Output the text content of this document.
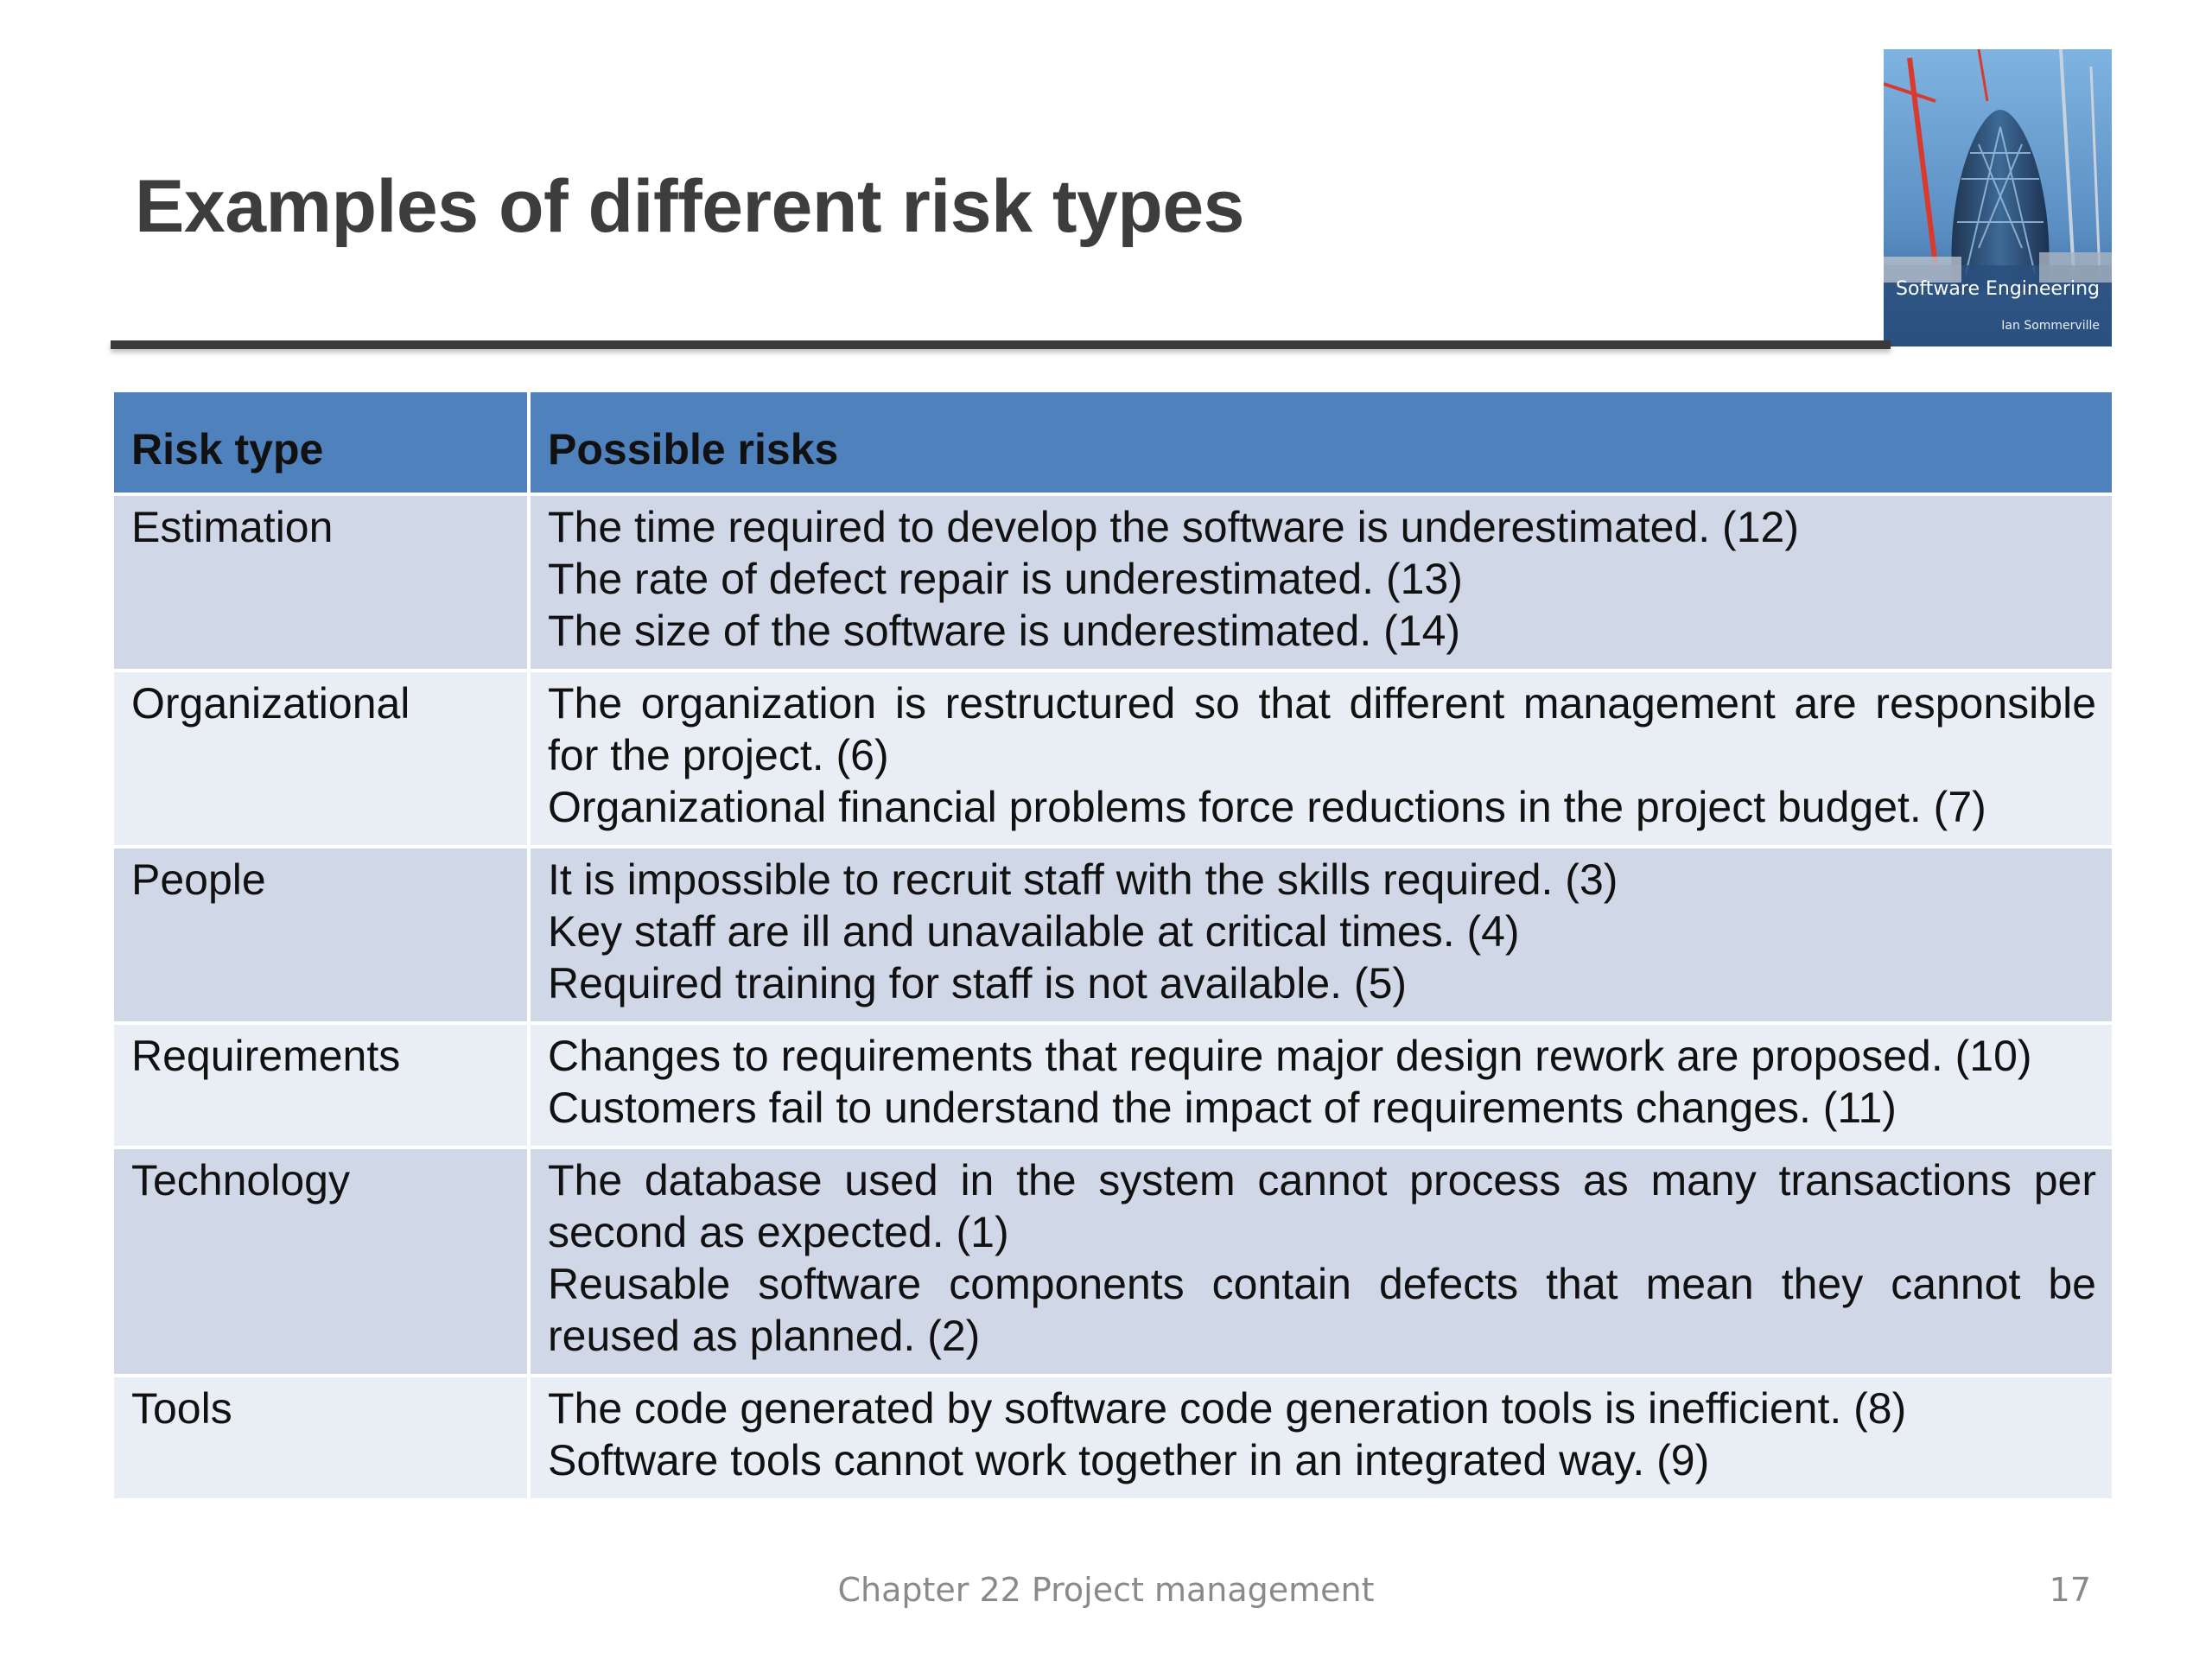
Examples of different risk types
Software Engineering
Ian Sommerville
Risk type	Possible risks
Estimation	The time required to develop the software is underestimated. (12)
The rate of defect repair is underestimated. (13)
The size of the software is underestimated. (14)

Organizational	The organization is restructured so that different management are responsible for the project. (6)
Organizational financial problems force reductions in the project budget. (7)

People	It is impossible to recruit staff with the skills required. (3)
Key staff are ill and unavailable at critical times. (4)
Required training for staff is not available. (5)

Requirements	Changes to requirements that require major design rework are proposed. (10)
Customers fail to understand the impact of requirements changes. (11)

Technology	The database used in the system cannot process as many transactions per second as expected. (1)
Reusable software components contain defects that mean they cannot be reused as planned. (2)

Tools	The code generated by software code generation tools is inefficient. (8)
Software tools cannot work together in an integrated way. (9)
Chapter 22 Project management	17
